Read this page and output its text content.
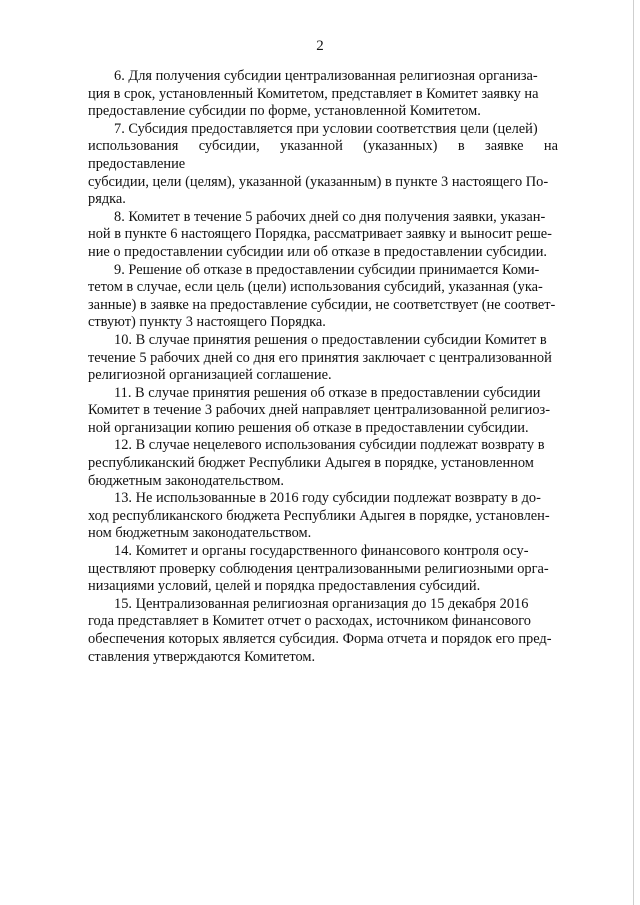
2

6. Для получения субсидии централизованная религиозная организа-
ция в срок, установленный Комитетом, представляет в Комитет заявку на
предоставление субсидии по форме, установленной Комитетом.

7. Субсидия предоставляется при условии соответствия цели (целей)
использования субсидии, указанной (указанных) в заявке на предоставление
субсидии, цели (целям), указанной (указанным) в пункте 3 настоящего По-
рядка.

8. Комитет в течение 5 рабочих дней со дня получения заявки, указан-
ной в пункте 6 настоящего Порядка, рассматривает заявку и выносит реше-
ние о предоставлении субсидии или об отказе в предоставлении субсидии.

9. Решение об отказе в предоставлении субсидии принимается Коми-
тетом в случае, если цель (цели) использования субсидий, указанная (ука-
занные) в заявке на предоставление субсидии, не соответствует (не соответ-
ствуют) пункту 3 настоящего Порядка.

10. В случае принятия решения о предоставлении субсидии Комитет в
течение 5 рабочих дней со дня его принятия заключает с централизованной
религиозной организацией соглашение.

11. В случае принятия решения об отказе в предоставлении субсидии
Комитет в течение 3 рабочих дней направляет централизованной религиоз-
ной организации копию решения об отказе в предоставлении субсидии.

12. В случае нецелевого использования субсидии подлежат возврату в
республиканский бюджет Республики Адыгея в порядке, установленном
бюджетным законодательством.

13. Не использованные в 2016 году субсидии подлежат возврату в до-
ход республиканского бюджета Республики Адыгея в порядке, установлен-
ном бюджетным законодательством.

14. Комитет и органы государственного финансового контроля осу-
ществляют проверку соблюдения централизованными религиозными орга-
низациями условий, целей и порядка предоставления субсидий.

15. Централизованная религиозная организация до 15 декабря 2016
года представляет в Комитет отчет о расходах, источником финансового
обеспечения которых является субсидия. Форма отчета и порядок его пред-
ставления утверждаются Комитетом.
